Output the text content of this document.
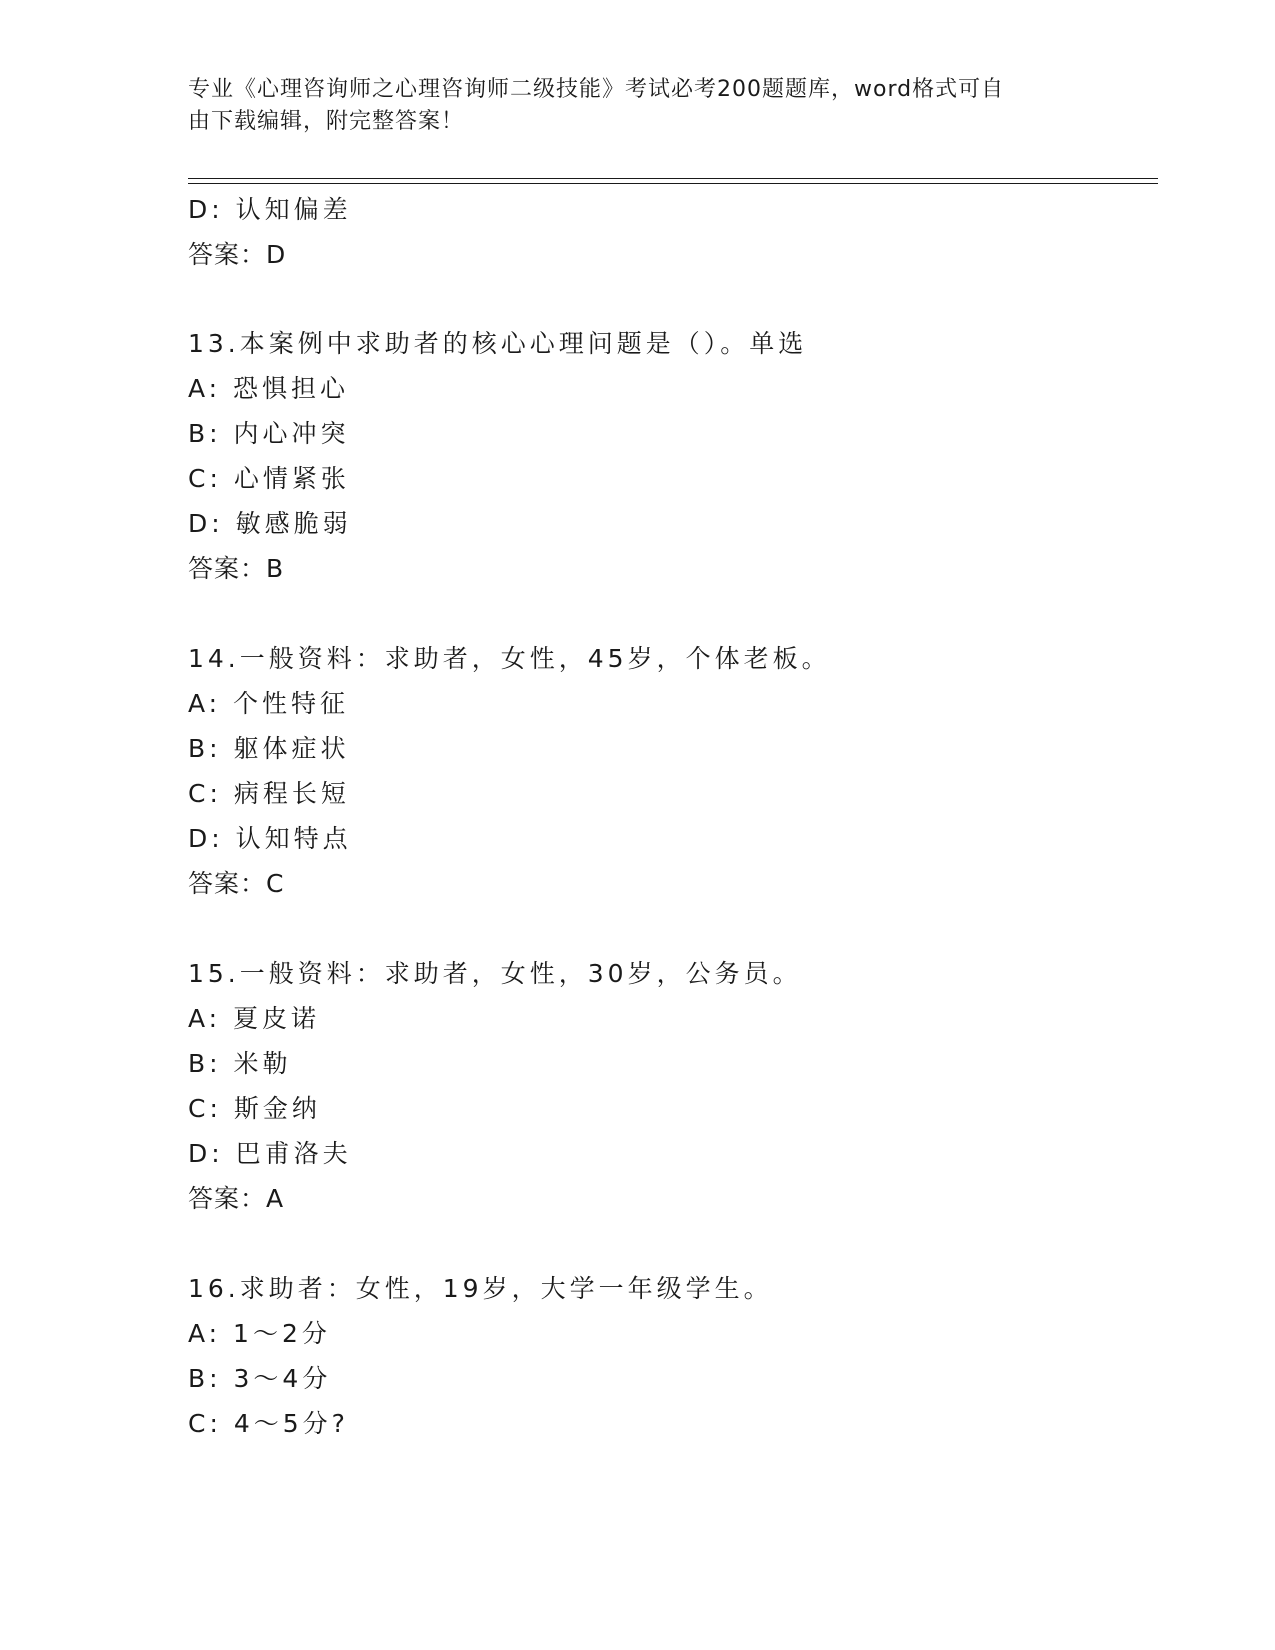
专业《心理咨询师之心理咨询师二级技能》考试必考200题题库，word格式可自
由下载编辑，附完整答案！
D: 认知偏差
答案：D
13.本案例中求助者的核心心理问题是（）。单选
A: 恐惧担心
B: 内心冲突
C: 心情紧张
D: 敏感脆弱
答案：B
14.一般资料：求助者，女性，45岁，个体老板。
A: 个性特征
B: 躯体症状
C: 病程长短
D: 认知特点
答案：C
15.一般资料：求助者，女性，30岁，公务员。
A: 夏皮诺
B: 米勒
C: 斯金纳
D: 巴甫洛夫
答案：A
16.求助者：女性，19岁，大学一年级学生。
A: 1～2分
B: 3～4分
C: 4～5分?
